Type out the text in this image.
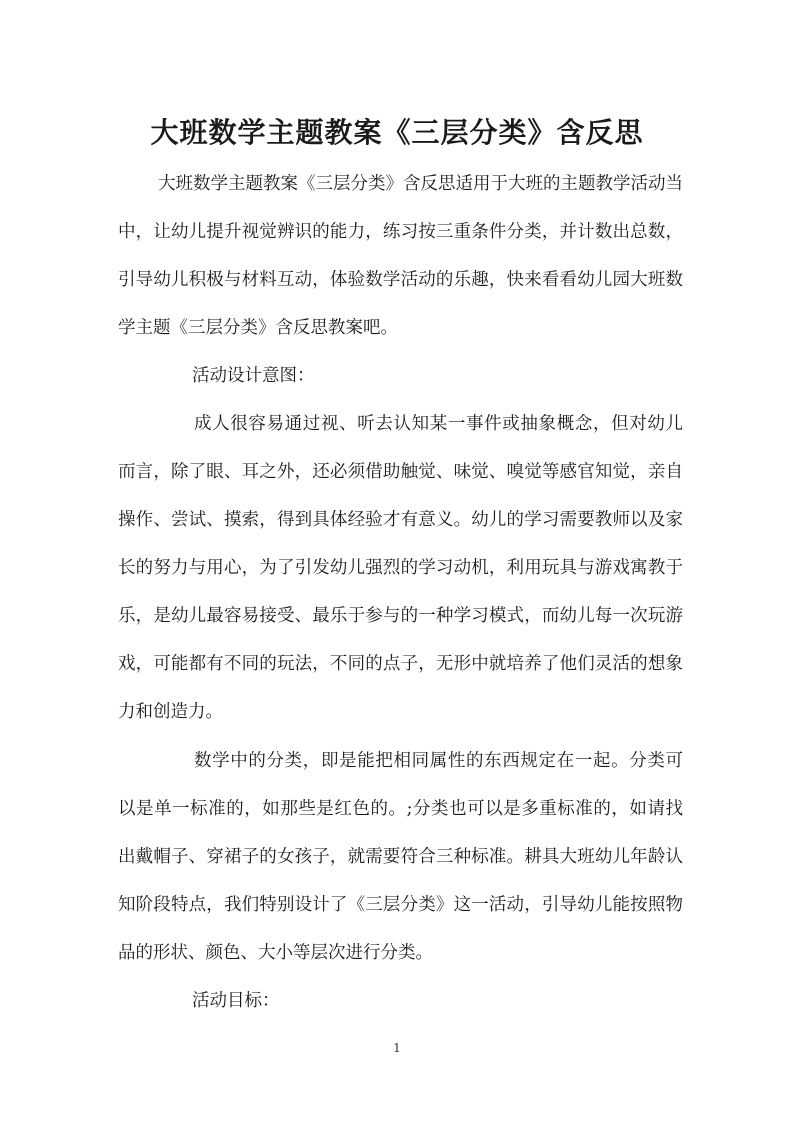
大班数学主题教案《三层分类》含反思

大班数学主题教案《三层分类》含反思适用于大班的主题教学活动当中，让幼儿提升视觉辨识的能力，练习按三重条件分类，并计数出总数，引导幼儿积极与材料互动，体验数学活动的乐趣，快来看看幼儿园大班数学主题《三层分类》含反思教案吧。

活动设计意图：

成人很容易通过视、听去认知某一事件或抽象概念，但对幼儿而言，除了眼、耳之外，还必须借助触觉、味觉、嗅觉等感官知觉，亲自操作、尝试、摸索，得到具体经验才有意义。幼儿的学习需要教师以及家长的努力与用心，为了引发幼儿强烈的学习动机，利用玩具与游戏寓教于乐，是幼儿最容易接受、最乐于参与的一种学习模式，而幼儿每一次玩游戏，可能都有不同的玩法，不同的点子，无形中就培养了他们灵活的想象力和创造力。

数学中的分类，即是能把相同属性的东西规定在一起。分类可以是单一标准的，如那些是红色的。;分类也可以是多重标准的，如请找出戴帽子、穿裙子的女孩子，就需要符合三种标准。耕具大班幼儿年龄认知阶段特点，我们特别设计了《三层分类》这一活动，引导幼儿能按照物品的形状、颜色、大小等层次进行分类。

活动目标：

1
